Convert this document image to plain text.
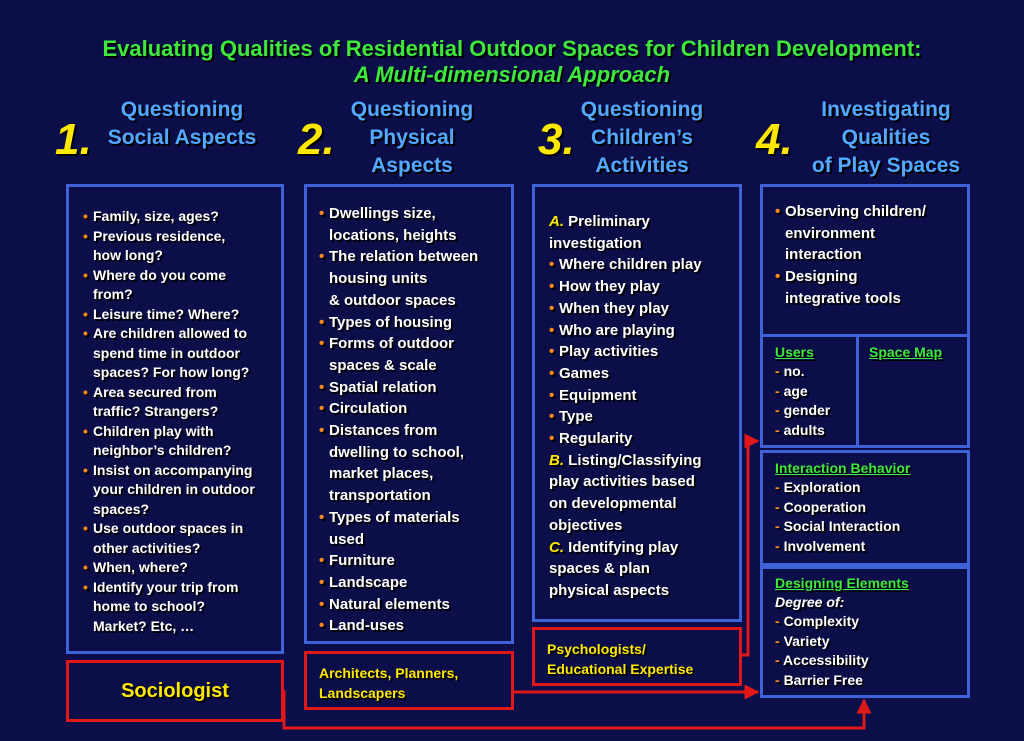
Evaluating Qualities of Residential Outdoor Spaces for Children Development:
A Multi-dimensional Approach
1.
Questioning
Social Aspects 2.
Questioning
Physical
Aspects
3.
Questioning
Children’s
Activities
4.
Investigating
Qualities
of Play Spaces
• Family, size, ages?
• Previous residence,
how long?
• Where do you come
from?
• Leisure time? Where?
• Are children allowed to
spend time in outdoor
spaces? For how long?
• Area secured from
traffic? Strangers?
• Children play with
neighbor’s children?
• Insist on accompanying
your children in outdoor
spaces?
• Use outdoor spaces in
other activities?
• When, where?
• Identify your trip from
home to school?
Market? Etc, …
• Dwellings size,
locations, heights
• The relation between
housing units
& outdoor spaces
• Types of housing
• Forms of outdoor
spaces & scale
• Spatial relation
• Circulation
• Distances from
dwelling to school,
market places,
transportation
• Types of materials
used
• Furniture
• Landscape
• Natural elements
• Land-uses
A. Preliminary
investigation
• Where children play
• How they play
• When they play
• Who are playing
• Play activities
• Games
• Equipment
• Type
• Regularity
B. Listing/Classifying
play activities based
on developmental
objectives
C. Identifying play
spaces & plan
physical aspects
• Observing children/
environment
interaction
• Designing
integrative tools
Users
- no.
- age
- gender
- adults
Space Map
Interaction Behavior
- Exploration
- Cooperation
- Social Interaction
- Involvement
Designing Elements
Degree of:
- Complexity
- Variety
- Accessibility
- Barrier Free
Sociologist
Architects, Planners,
Landscapers
Psychologists/
Educational Expertise
